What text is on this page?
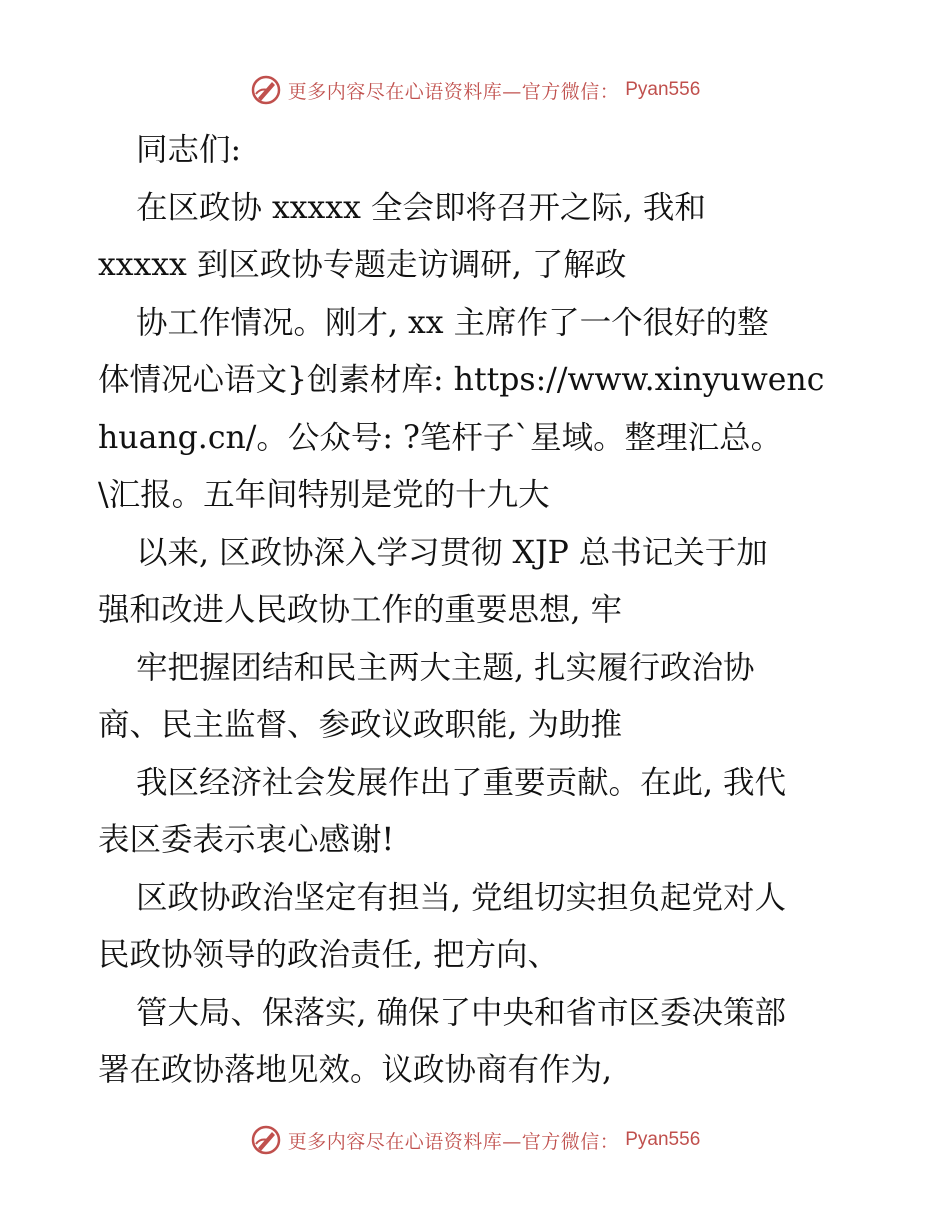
更多内容尽在心语资料库—官方微信： Pyan556
同志们:
在区政协 xxxxx 全会即将召开之际, 我和
xxxxx 到区政协专题走访调研, 了解政
协工作情况。刚才, xx 主席作了一个很好的整
体情况心语文}创素材库: https://www.xinyuwenc
huang.cn/。公众号: ?笔杆子`星域。整理汇总。
\汇报。五年间特别是党的十九大
以来, 区政协深入学习贯彻 XJP 总书记关于加
强和改进人民政协工作的重要思想, 牢
牢把握团结和民主两大主题, 扎实履行政治协
商、民主监督、参政议政职能, 为助推
我区经济社会发展作出了重要贡献。在此, 我代
表区委表示衷心感谢!
区政协政治坚定有担当, 党组切实担负起党对人
民政协领导的政治责任, 把方向、
管大局、保落实, 确保了中央和省市区委决策部
署在政协落地见效。议政协商有作为,
更多内容尽在心语资料库—官方微信： Pyan556
